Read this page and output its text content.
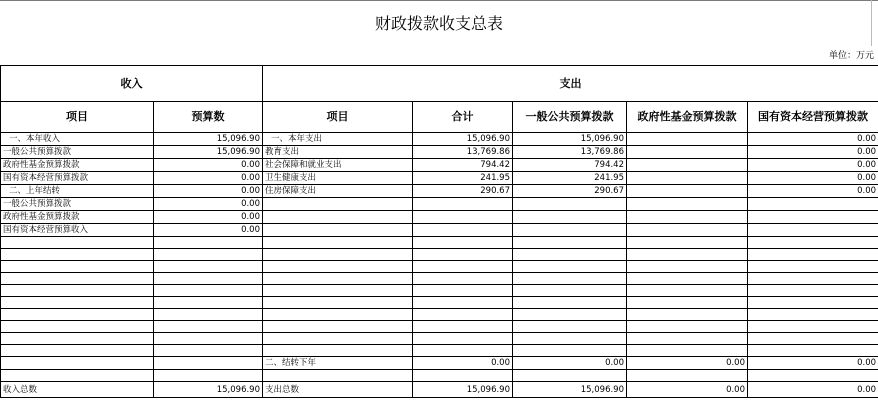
财政拨款收支总表
单位：万元
收入		支出				
项目	预算数	项目	合计	一般公共预算拨款	政府性基金预算拨款	国有资本经营预算拨款
一、本年收入	15,096.90	一、本年支出	15,096.90	15,096.90		0.00
一般公共预算拨款	15,096.90	教育支出	13,769.86	13,769.86		0.00
政府性基金预算拨款	0.00	社会保障和就业支出	794.42	794.42		0.00
国有资本经营预算拨款	0.00	卫生健康支出	241.95	241.95		0.00
二、上年结转	0.00	住房保障支出	290.67	290.67		0.00
一般公共预算拨款	0.00					
政府性基金预算拨款	0.00					
国有资本经营预算收入	0.00					

		二、结转下年	0.00	0.00	0.00	0.00

收入总数	15,096.90	支出总数	15,096.90	15,096.90	0.00	0.00
